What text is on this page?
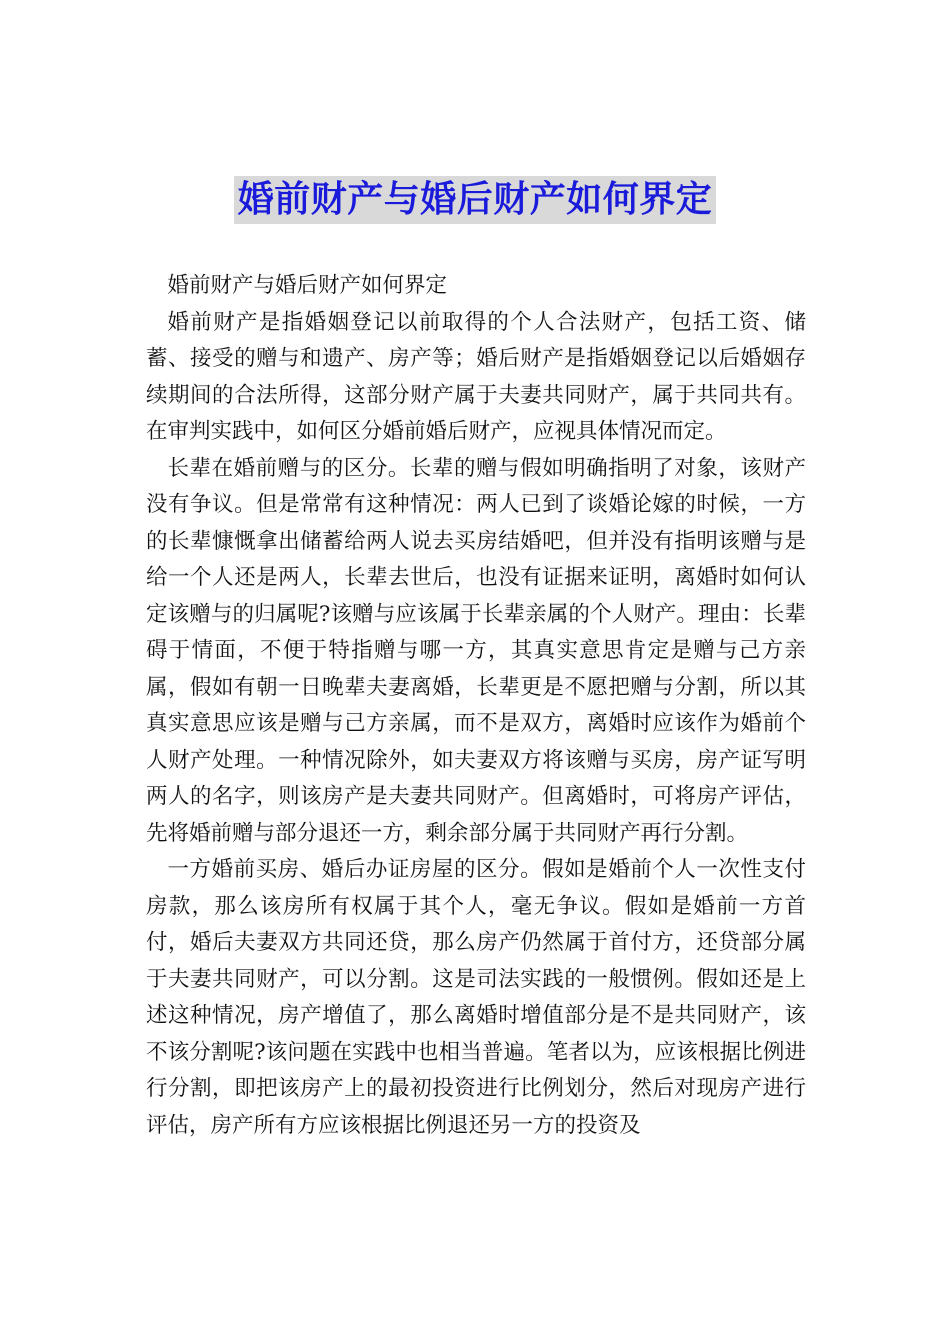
婚前财产与婚后财产如何界定

婚前财产与婚后财产如何界定

婚前财产是指婚姻登记以前取得的个人合法财产，包括工资、储蓄、接受的赠与和遗产、房产等；婚后财产是指婚姻登记以后婚姻存续期间的合法所得，这部分财产属于夫妻共同财产，属于共同共有。在审判实践中，如何区分婚前婚后财产，应视具体情况而定。

长辈在婚前赠与的区分。长辈的赠与假如明确指明了对象，该财产没有争议。但是常常有这种情况：两人已到了谈婚论嫁的时候，一方的长辈慷慨拿出储蓄给两人说去买房结婚吧，但并没有指明该赠与是给一个人还是两人，长辈去世后，也没有证据来证明，离婚时如何认定该赠与的归属呢?该赠与应该属于长辈亲属的个人财产。理由：长辈碍于情面，不便于特指赠与哪一方，其真实意思肯定是赠与己方亲属，假如有朝一日晚辈夫妻离婚，长辈更是不愿把赠与分割，所以其真实意思应该是赠与己方亲属，而不是双方，离婚时应该作为婚前个人财产处理。一种情况除外，如夫妻双方将该赠与买房，房产证写明两人的名字，则该房产是夫妻共同财产。但离婚时，可将房产评估，先将婚前赠与部分退还一方，剩余部分属于共同财产再行分割。

一方婚前买房、婚后办证房屋的区分。假如是婚前个人一次性支付房款，那么该房所有权属于其个人，毫无争议。假如是婚前一方首付，婚后夫妻双方共同还贷，那么房产仍然属于首付方，还贷部分属于夫妻共同财产，可以分割。这是司法实践的一般惯例。假如还是上述这种情况，房产增值了，那么离婚时增值部分是不是共同财产，该不该分割呢?该问题在实践中也相当普遍。笔者以为，应该根据比例进行分割，即把该房产上的最初投资进行比例划分，然后对现房产进行评估，房产所有方应该根据比例退还另一方的投资及
